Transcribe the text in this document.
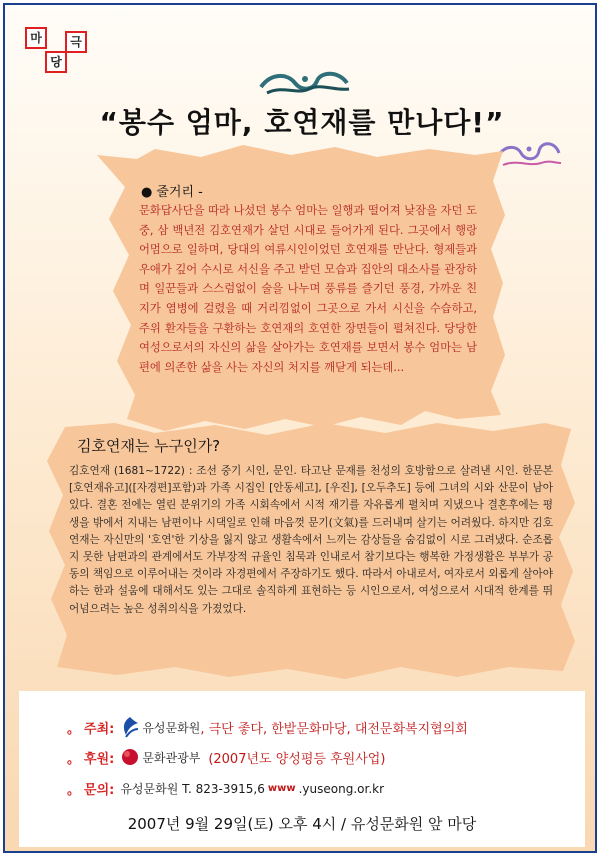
마
당
극
“봉수 엄마, 호연재를 만나다!”
● 줄거리 -
문화답사단을 따라 나섰던 봉수 엄마는 일행과 떨어져 낮잠을 자던 도중, 삼 백년전 김호연재가 살던 시대로 들어가게 된다. 그곳에서 행랑어멈으로 일하며, 당대의 여류시인이었던 호연재를 만난다. 형제들과 우애가 깊어 수시로 서신을 주고 받던 모습과 집안의 대소사를 관장하며 일꾼들과 스스럼없이 술을 나누며 풍류를 즐기던 풍경, 가까운 친지가 염병에 걸렸을 때 거리낌없이 그곳으로 가서 시신을 수습하고, 주위 환자들을 구환하는 호연재의 호연한 장면들이 펼쳐진다. 당당한 여성으로서의 자신의 삶을 살아가는 호연재를 보면서 봉수 엄마는 남편에 의존한 삶을 사는 자신의 처지를 깨닫게 되는데...
김호연재는 누구인가?
김호연재 (1681~1722) : 조선 중기 시인, 문인. 타고난 문재를 천성의 호방함으로 살려낸 시인. 한문본 [호연재유고]([자경편]포함)과 가족 시집인 [안동세고], [우진], [오두추도] 등에 그녀의 시와 산문이 남아있다. 결혼 전에는 열린 분위기의 가족 시회속에서 시적 재기를 자유롭게 펼치며 지냈으나 결혼후에는 평생을 밖에서 지내는 남편이나 시댁일로 인해 마음껏 문기(文氣)를 드러내며 살기는 어려웠다. 하지만 김호연재는 자신만의 '호연'한 기상을 잃지 않고 생활속에서 느끼는 감상들을 숨김없이 시로 그려냈다. 순조롭지 못한 남편과의 관계에서도 가부장적 규율인 침묵과 인내로서 참기보다는 행복한 가정생활은 부부가 공동의 책임으로 이루어내는 것이라 자경편에서 주장하기도 했다. 따라서 아내로서, 여자로서 외롭게 살아야하는 한과 설움에 대해서도 있는 그대로 솔직하게 표현하는 등 시인으로서, 여성으로서 시대적 한계를 뛰어넘으려는 높은 성취의식을 가졌었다.
。 주최: 유성문화원 , 극단 좋다, 한밭문화마당, 대전문화복지협의회
。 후원: 문화관광부 (2007년도 양성평등 후원사업)
。 문의: 유성문화원 T. 823-3915,6 www .yuseong.or.kr
2007년 9월 29일(토) 오후 4시 / 유성문화원 앞 마당
